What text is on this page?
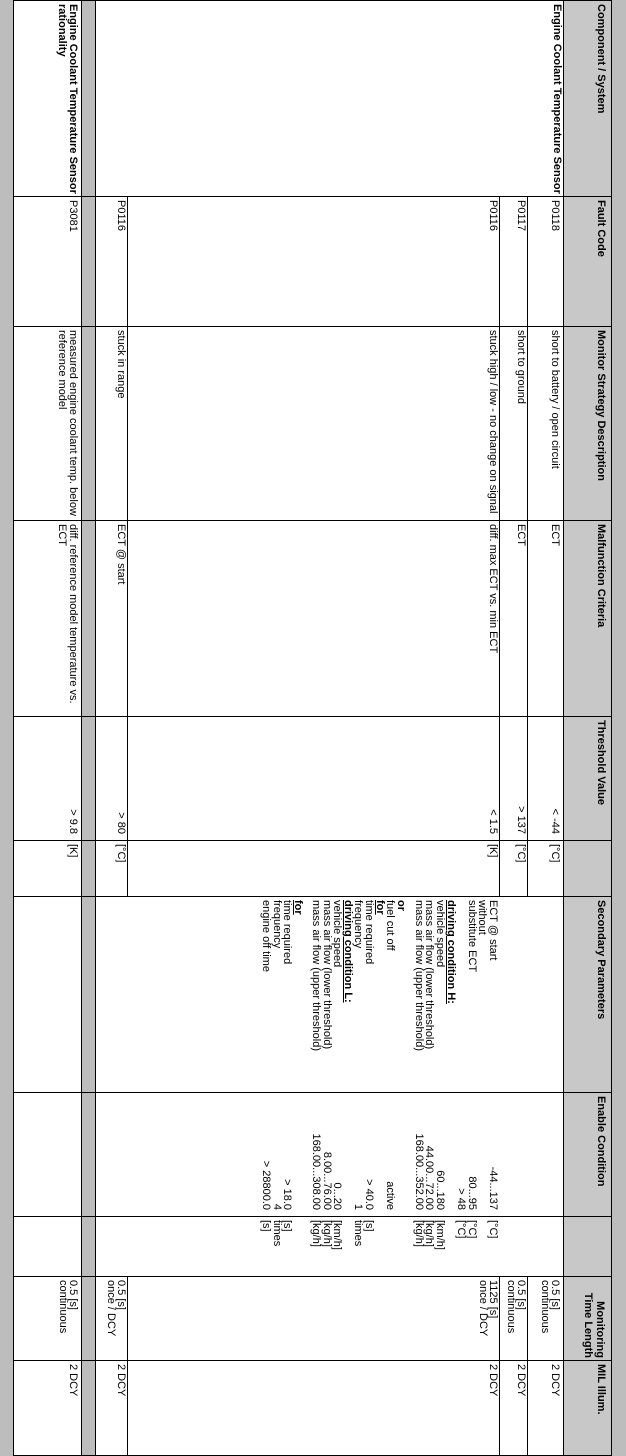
Component / System
Fault Code
Monitor Strategy Description
Malfunction Criteria
Threshold Value
Secondary Parameters
Enable Condition
Monitoring Time Length
MIL Illum.
Engine Coolant Temperature Sensor
P0118
short to battery / open circuit
ECT
< -44
[°C]
0.5 [s]
continuous
2 DCY
P0117
short to ground
ECT
> 137
[°C]
0.5 [s]
continuous
2 DCY
P0116
stuck high / low - no change on signal
diff. max ECT vs. min ECT
< 1.5
[K]
1125 [s]
once / DCY
2 DCY
P0116
stuck in range
ECT @ start
> 80
[°C]
0.5 [s]
once / DCY
2 DCY
ECT @ start
-44...137
[°C]
without
substitute ECT
80...95
[°C]
> 48
[°C]
driving condition H:
vehicle speed
60...180
[km/h]
mass air flow (lower threshold)
44.00...72.00
[kg/h]
mass air flow (upper threshold)
168.00...352.00
[kg/h]
or
fuel cut off
active
for
time required
> 40.0
[s]
frequency
1
times
driving condition L:
vehicle speed
0...20
[km/h]
mass air flow (lower threshold)
8.00...76.00
[kg/h]
mass air flow (upper threshold)
168.00...308.00
[kg/h]
for
time required
> 18.0
[s]
frequency
4
times
engine off time
> 28800.0
[s]
Engine Coolant Temperature Sensor rationality
P3081
measured engine coolant temp. below reference model
diff. reference model temperature vs. ECT
> 9.8
[K]
0.5 [s]
continuous
2 DCY
